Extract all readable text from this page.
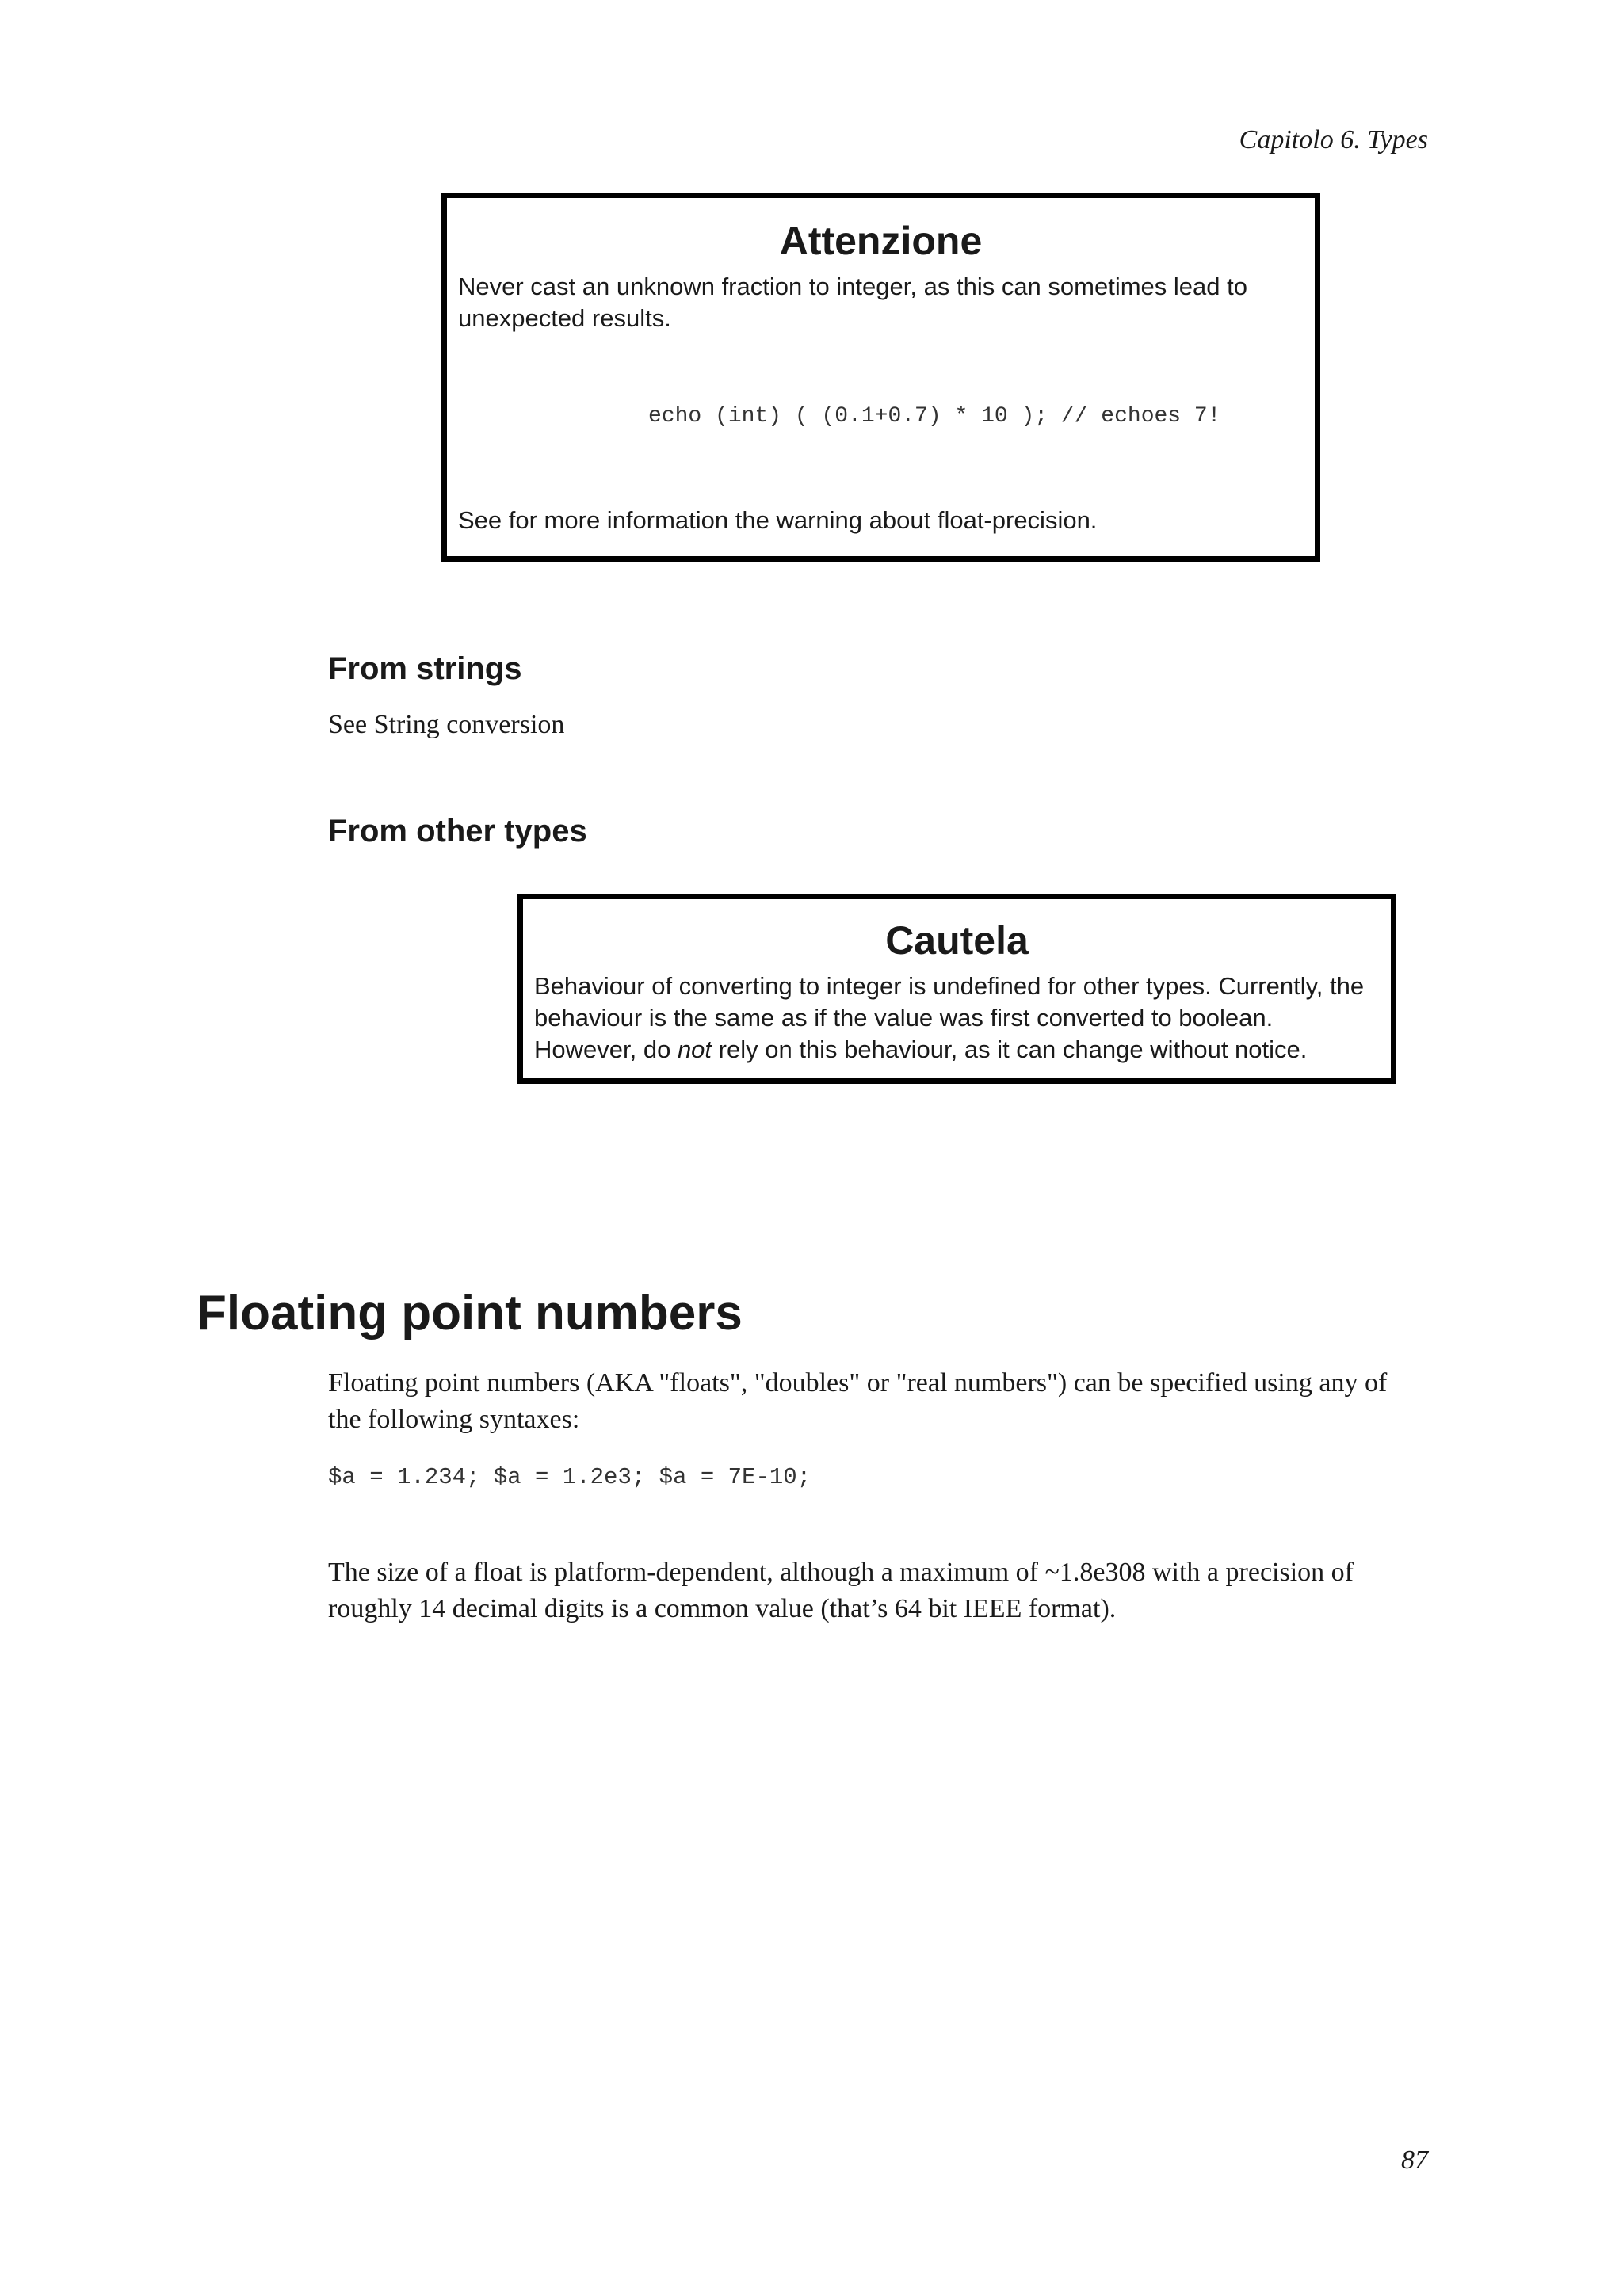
Capitolo 6. Types
Attenzione
Never cast an unknown fraction to integer, as this can sometimes lead to unexpected results.
echo (int) ( (0.1+0.7) * 10 ); // echoes 7!
See for more information the warning about float-precision.
From strings
See String conversion
From other types
Cautela
Behaviour of converting to integer is undefined for other types. Currently, the behaviour is the same as if the value was first converted to boolean. However, do not rely on this behaviour, as it can change without notice.
Floating point numbers
Floating point numbers (AKA "floats", "doubles" or "real numbers") can be specified using any of the following syntaxes:
$a = 1.234; $a = 1.2e3; $a = 7E-10;
The size of a float is platform-dependent, although a maximum of ~1.8e308 with a precision of roughly 14 decimal digits is a common value (that’s 64 bit IEEE format).
87
